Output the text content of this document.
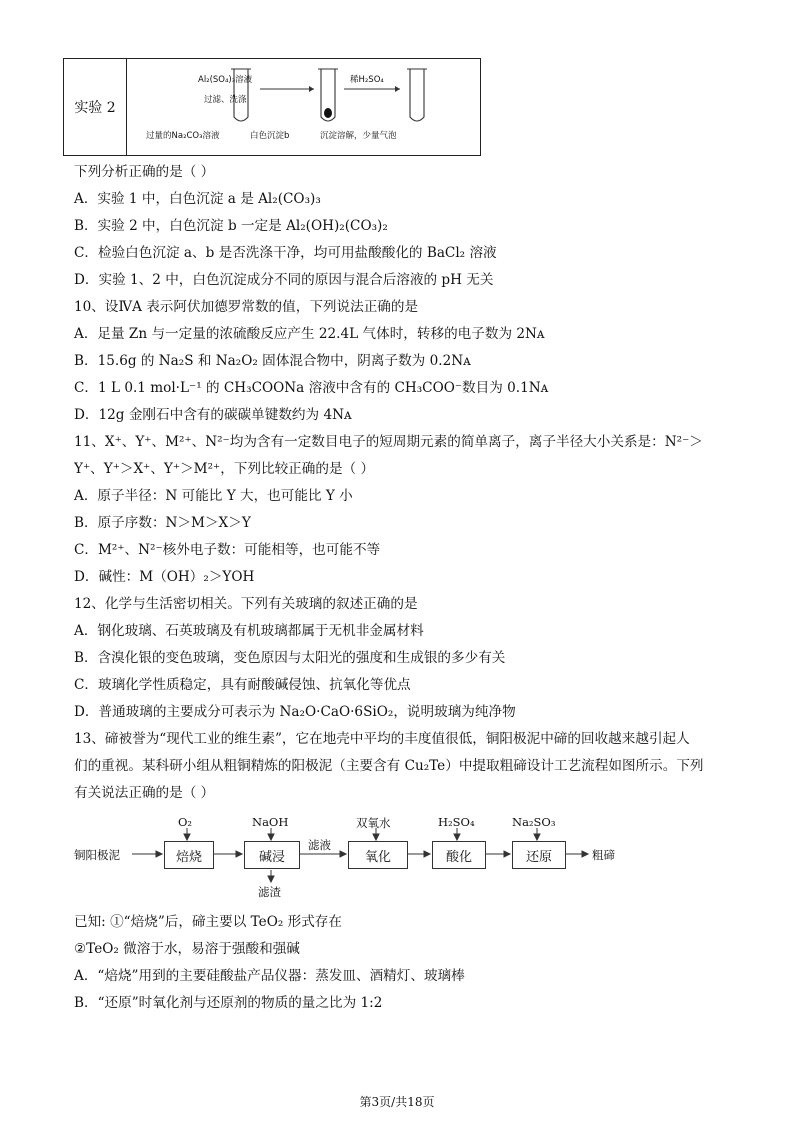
实验 2
Al₂(SO₄)₃溶液
过滤、洗涤
稀H₂SO₄
过量的Na₂CO₃溶液	白色沉淀b	沉淀溶解，少量气泡
下列分析正确的是（ ）
A．实验 1 中，白色沉淀 a 是 Al₂(CO₃)₃
B．实验 2 中，白色沉淀 b 一定是 Al₂(OH)₂(CO₃)₂
C．检验白色沉淀 a、b 是否洗涤干净，均可用盐酸酸化的 BaCl₂ 溶液
D．实验 1、2 中，白色沉淀成分不同的原因与混合后溶液的 pH 无关
10、设ⅣA 表示阿伏加德罗常数的值，下列说法正确的是
A．足量 Zn 与一定量的浓硫酸反应产生 22.4L 气体时，转移的电子数为 2Nᴀ
B．15.6g 的 Na₂S 和 Na₂O₂ 固体混合物中，阴离子数为 0.2Nᴀ
C．1 L 0.1 mol·L⁻¹ 的 CH₃COONa 溶液中含有的 CH₃COO⁻数目为 0.1Nᴀ
D．12g 金刚石中含有的碳碳单键数约为 4Nᴀ
11、X⁺、Y⁺、M²⁺、N²⁻均为含有一定数目电子的短周期元素的简单离子，离子半径大小关系是：N²⁻＞
Y⁺、Y⁺＞X⁺、Y⁺＞M²⁺，下列比较正确的是（ ）
A．原子半径：N 可能比 Y 大，也可能比 Y 小
B．原子序数：N＞M＞X＞Y
C．M²⁺、N²⁻核外电子数：可能相等，也可能不等
D．碱性：M（OH）₂＞YOH
12、化学与生活密切相关。下列有关玻璃的叙述正确的是
A．钢化玻璃、石英玻璃及有机玻璃都属于无机非金属材料
B．含溴化银的变色玻璃，变色原因与太阳光的强度和生成银的多少有关
C．玻璃化学性质稳定，具有耐酸碱侵蚀、抗氧化等优点
D．普通玻璃的主要成分可表示为 Na₂O·CaO·6SiO₂，说明玻璃为纯净物
13、碲被誉为“现代工业的维生素”，它在地壳中平均的丰度值很低，铜阳极泥中碲的回收越来越引起人
们的重视。某科研小组从粗铜精炼的阳极泥（主要含有 Cu₂Te）中提取粗碲设计工艺流程如图所示。下列
有关说法正确的是（ ）
铜阳极泥	焙烧	碱浸	氧化	酸化	还原
O₂	NaOH	双氧水	H₂SO₄	Na₂SO₃
滤液
滤渣
粗碲
已知: ①“焙烧”后，碲主要以 TeO₂ 形式存在
②TeO₂ 微溶于水，易溶于强酸和强碱
A．“焙烧”用到的主要硅酸盐产品仪器：蒸发皿、酒精灯、玻璃棒
B．“还原”时氧化剂与还原剂的物质的量之比为 1:2
第3页/共18页
